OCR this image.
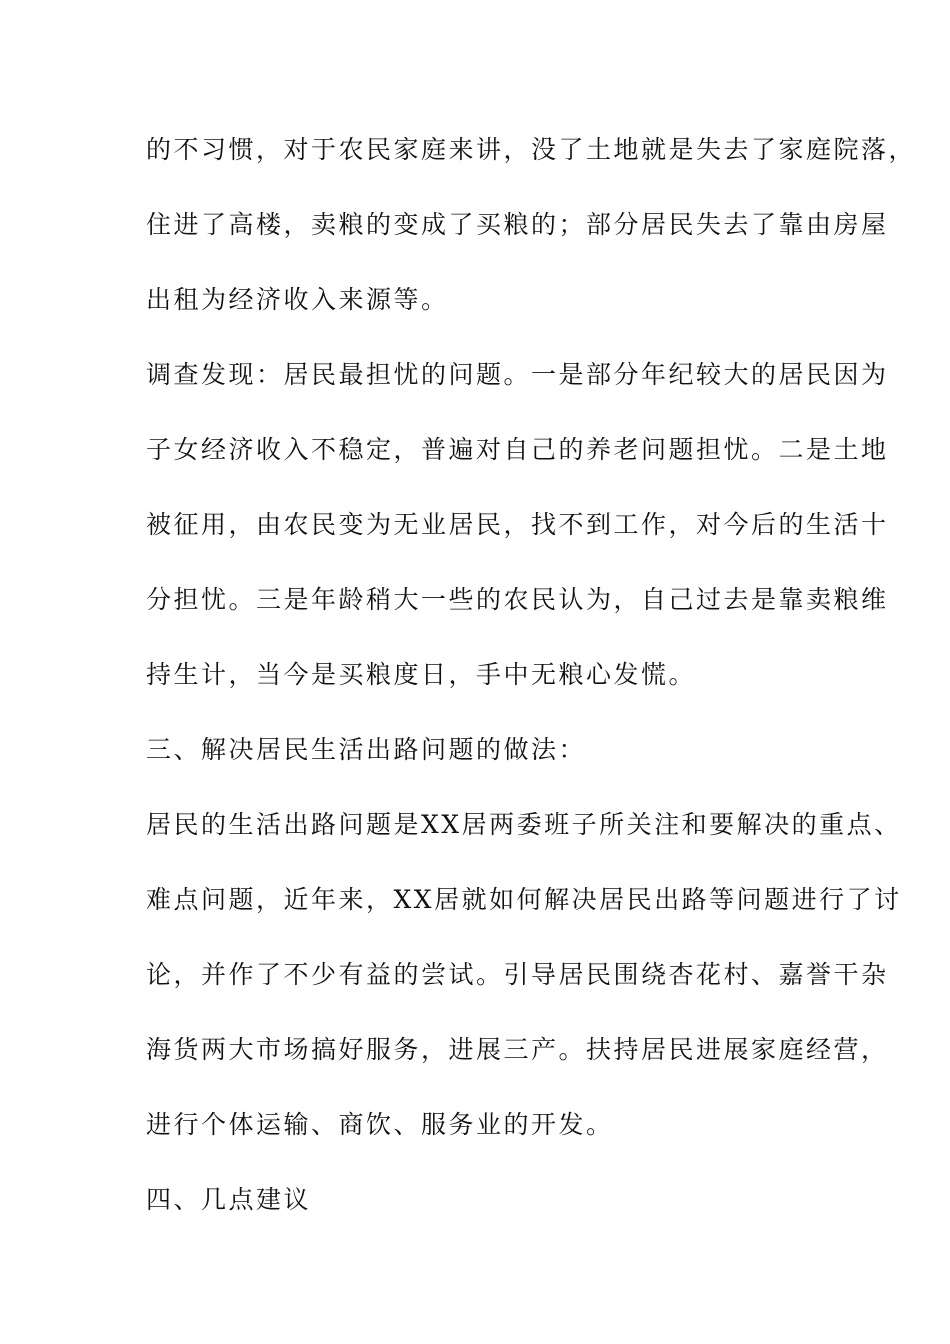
的不习惯，对于农民家庭来讲，没了土地就是失去了家庭院落，
住进了高楼，卖粮的变成了买粮的；部分居民失去了靠由房屋
出租为经济收入来源等。
调查发现：居民最担忧的问题。一是部分年纪较大的居民因为
子女经济收入不稳定，普遍对自己的养老问题担忧。二是土地
被征用，由农民变为无业居民，找不到工作，对今后的生活十
分担忧。三是年龄稍大一些的农民认为，自己过去是靠卖粮维
持生计，当今是买粮度日，手中无粮心发慌。
三、解决居民生活出路问题的做法：
居民的生活出路问题是XX居两委班子所关注和要解决的重点、
难点问题，近年来，XX居就如何解决居民出路等问题进行了讨
论，并作了不少有益的尝试。引导居民围绕杏花村、嘉誉干杂
海货两大市场搞好服务，进展三产。扶持居民进展家庭经营，
进行个体运输、商饮、服务业的开发。
四、几点建议
